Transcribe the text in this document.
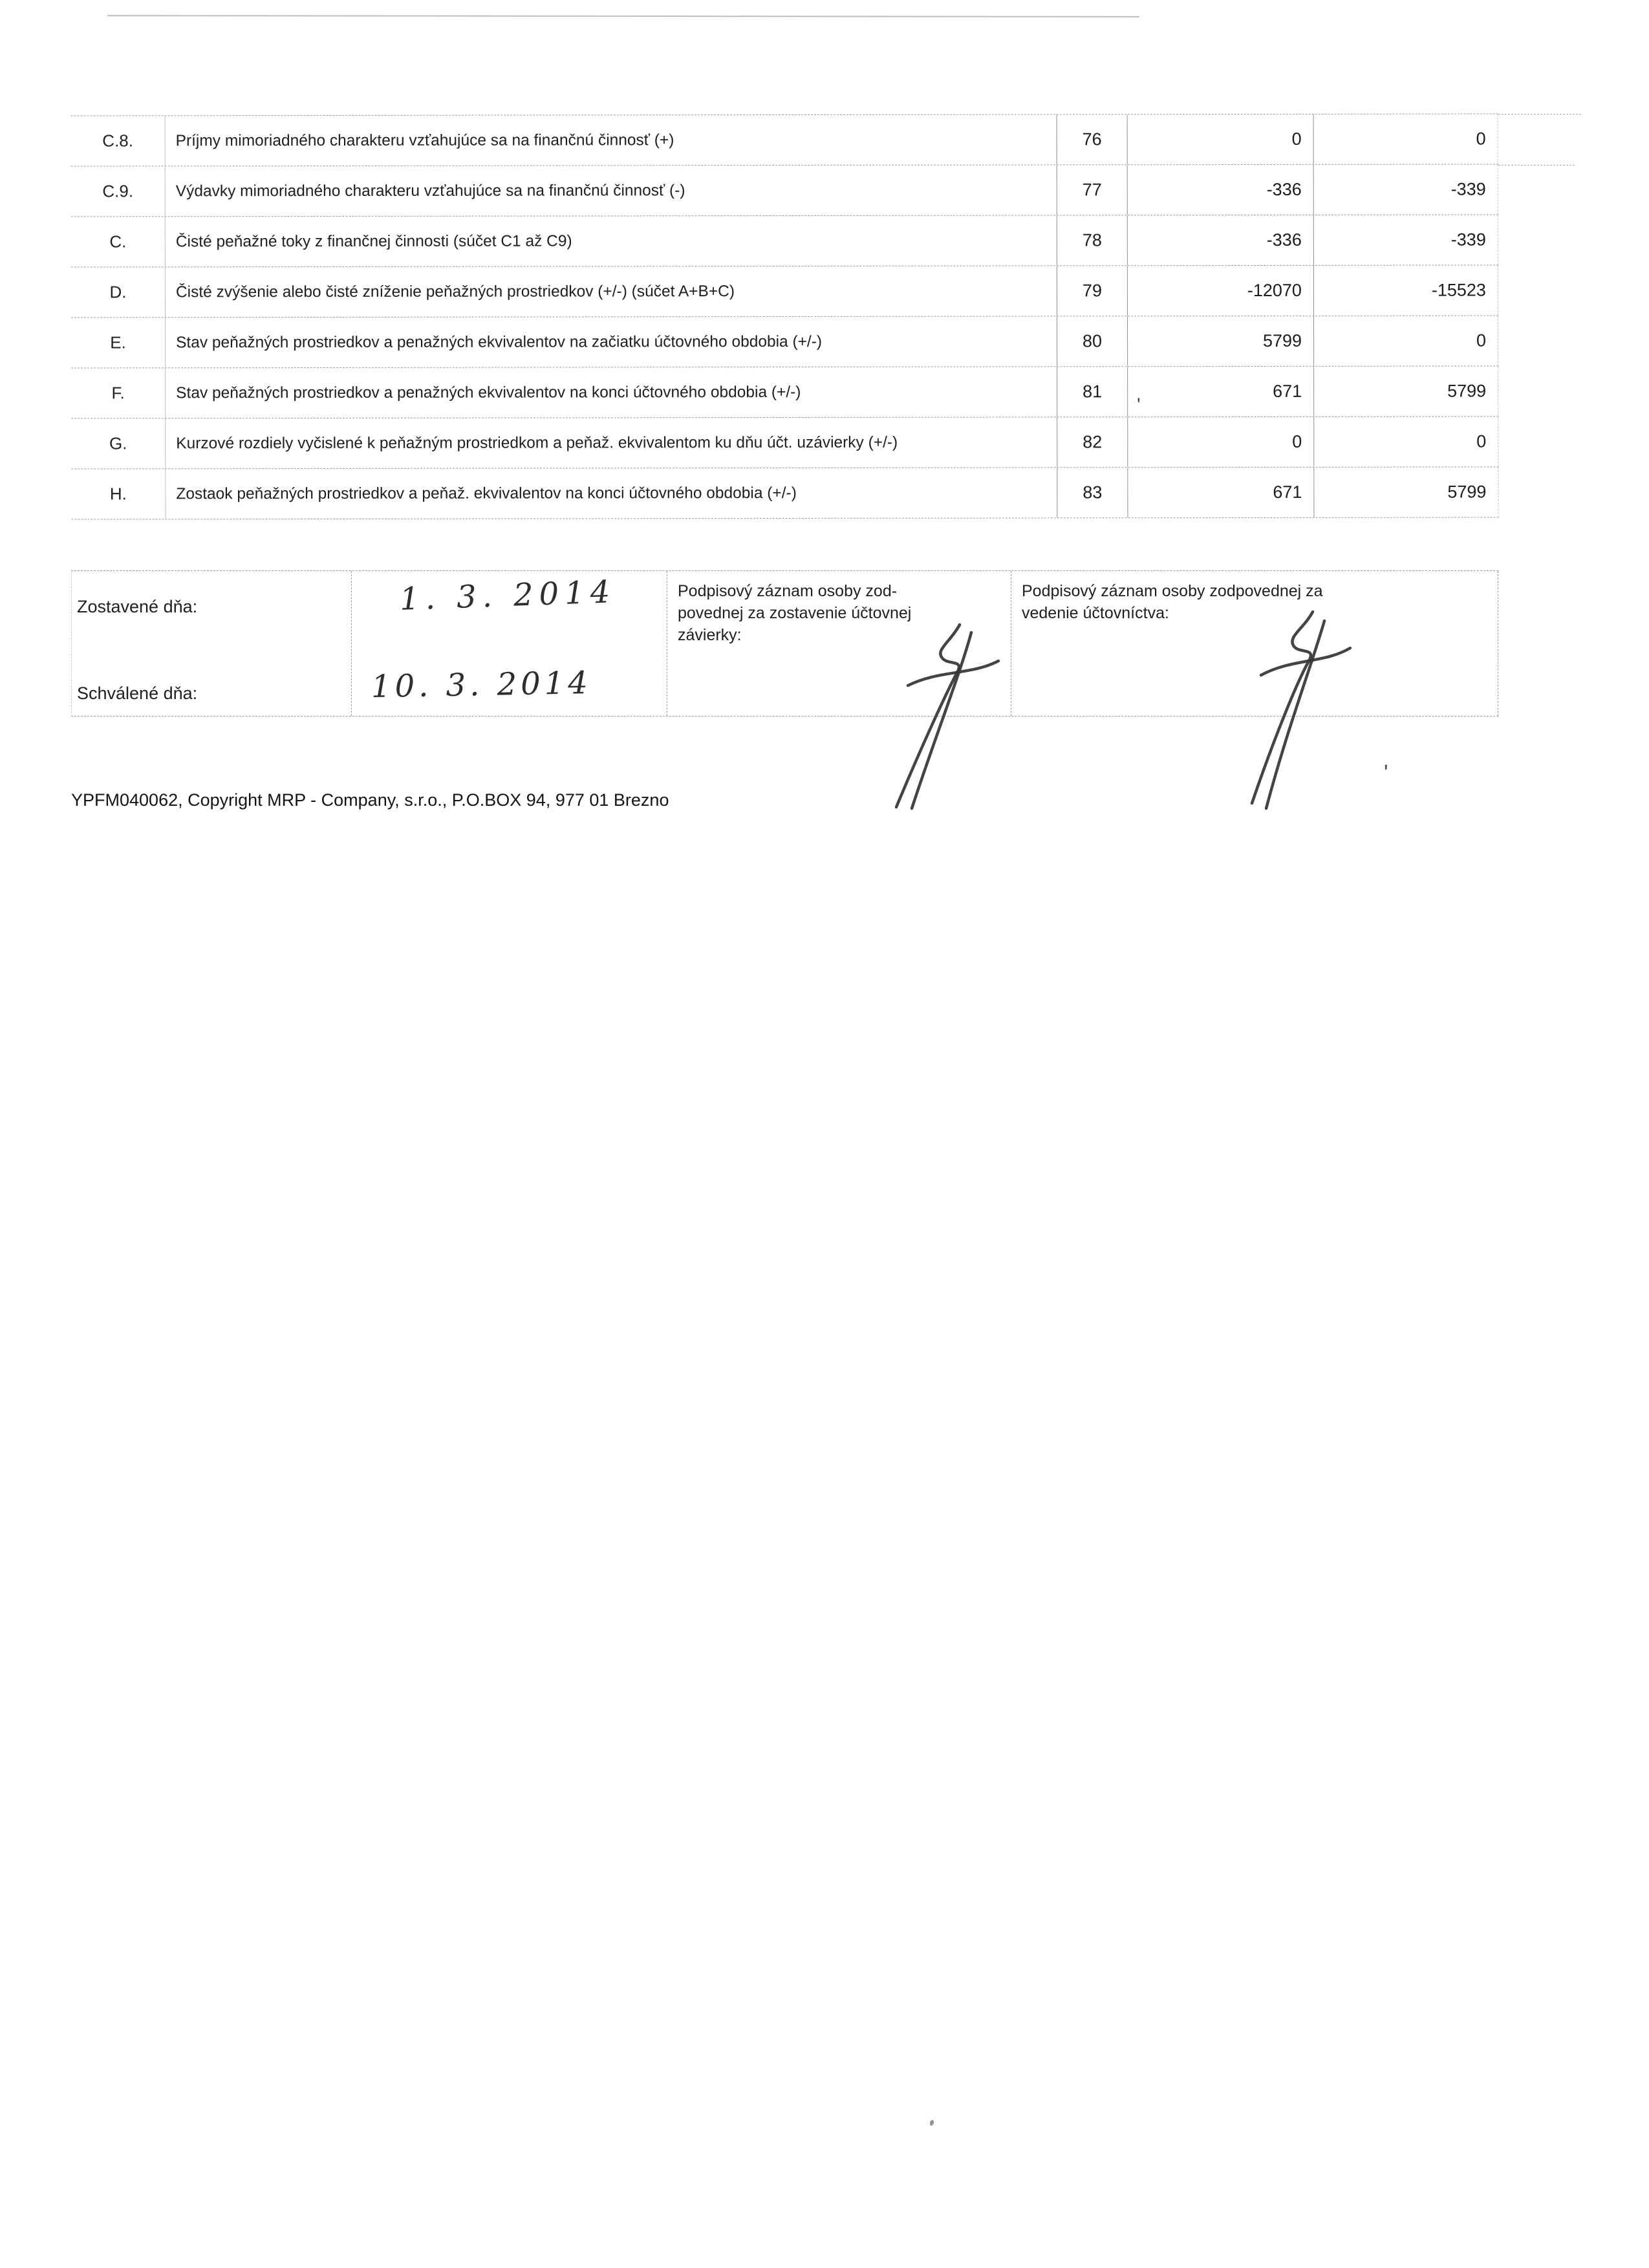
C.8.	Príjmy mimoriadného charakteru vzťahujúce sa na finančnú činnosť (+)	76	0	0
C.9.	Výdavky mimoriadného charakteru vzťahujúce sa na finančnú činnosť (-)	77	-336	-339
C.	Čisté peňažné toky z finančnej činnosti (súčet C1 až C9)	78	-336	-339
D.	Čisté zvýšenie alebo čisté zníženie peňažných prostriedkov (+/-) (súčet A+B+C)	79	-12070	-15523
E.	Stav peňažných prostriedkov a penažných ekvivalentov na začiatku účtovného obdobia (+/-)	80	5799	0
F.	Stav peňažných prostriedkov a penažných ekvivalentov na konci účtovného obdobia (+/-)	81	671	5799
G.	Kurzové rozdiely vyčislené k peňažným prostriedkom a peňaž. ekvivalentom ku dňu účt. uzávierky (+/-)	82	0	0
H.	Zostaok peňažných prostriedkov a peňaž. ekvivalentov na konci účtovného obdobia (+/-)	83	671	5799
Zostavené dňa:
Schválené dňa:
1. 3. 2014
10. 3. 2014
Podpisový záznam osoby zod-
povednej za zostavenie účtovnej
závierky:
Podpisový záznam osoby zodpovednej za
vedenie účtovníctva:
YPFM040062, Copyright MRP - Company, s.r.o., P.O.BOX 94, 977 01 Brezno
'
'
